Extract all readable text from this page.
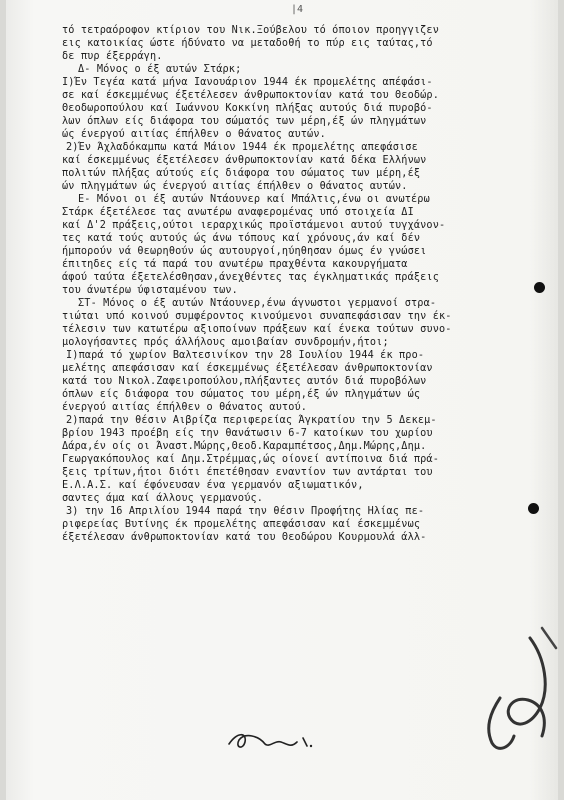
|4
τό τετραόροφον κτίριον του Νικ.Ξούβελου τό όποιον προηγγιζεν
εις κατοικίας ώστε ήδύνατο να μεταδοθή το πύρ εις ταύτας,τό
δε πυρ έξερράγη.
Δ- Μόνος ο έξ αυτών Στάρκ;
I)Έν Τεγέα κατά μήνα Ιανουάριον 1944 έκ προμελέτης απέφάσι-
σε καί έσκεμμένως έξετέλεσεν άνθρωποκτονίαν κατά του Θεοδώρ.
Θεοδωροπούλου καί Ιωάννου Κοκκίνη πλήξας αυτούς διά πυροβό-
λων όπλων είς διάφορα του σώματός των μέρη,έξ ών πληγμάτων
ώς ένεργού αιτίας έπήλθεν ο θάνατος αυτών.
2)Έν Άχλαδόκαμπω κατά Μάιον 1944 έκ προμελέτης απεφάσισε
καί έσκεμμένως έξετέλεσεν άνθρωποκτονίαν κατά δέκα Ελλήνων
πολιτών πλήξας αύτούς είς διάφορα του σώματος των μέρη,έξ
ών πληγμάτων ώς ένεργού αιτίας έπήλθεν ο θάνατος αυτών.
Ε- Μόνοι οι έξ αυτών Ντάουνερ καί Μπάλτις,ένω οι ανωτέρω
Στάρκ έξετέλεσε τας ανωτέρω αναφερομένας υπό στοιχεία ΔΙ
καί Δ'2 πράξεις,ούτοι ιεραρχικώς προϊστάμενοι αυτού τυγχάνον-
τες κατά τούς αυτούς ώς άνω τόπους καί χρόνους,άν καί δέν
ήμπορούν νά θεωρηθούν ώς αυτουργοί,ηύηθησαν όμως έν γνώσει
έπιτηδες είς τά παρά του ανωτέρω πραχθέντα κακουργήματα
άφού ταύτα έξετελέσθησαν,άνεχθέντες τας έγκληματικάς πράξεις
του άνωτέρω ύφισταμένου των.
ΣΤ- Μόνος ο έξ αυτών Ντάουνερ,ένω άγνωστοι γερμανοί στρα-
τιώται υπό κοινού συμφέροντος κινούμενοι συναπεφάσισαν την έκ-
τέλεσιν των κατωτέρω αξιοποίνων πράξεων καί ένεκα τούτων συνο-
μολογήσαντες πρός άλλήλους αμοιβαίαν συνδρομήν,ήτοι;
I)παρά τό χωρίον Βαλτεσινίκον την 28 Ιουλίου 1944 έκ προ-
μελέτης απεφάσισαν καί έσκεμμένως έξετέλεσαν άνθρωποκτονίαν
κατά του Νικολ.Ζαφειροπούλου,πλήξαντες αυτόν διά πυροβόλων
όπλων είς διάφορα του σώματος του μέρη,έξ ών πληγμάτων ώς
ένεργού αιτίας έπήλθεν ο θάνατος αυτού.
2)παρά την θέσιν Αιβρίζα περιφερείας Άγκρατίου την 5 Δεκεμ-
βρίου 1943 προέβη είς την θανάτωσιν 6-7 κατοίκων του χωρίου
Δάρα,έν οίς οι Άναστ.Μώρης,Θεοδ.Καραμπέτσος,Δημ.Μώρης,Δημ.
Γεωργακόπουλος καί Δημ.Στρέμμας,ώς οίονεί αντίποινα διά πρά-
ξεις τρίτων,ήτοι διότι έπετέθησαν εναντίον των αντάρται του
Ε.Λ.Α.Σ. καί έφόνευσαν ένα γερμανόν αξιωματικόν,
σαντες άμα καί άλλους γερμανούς.
3) την 16 Απριλίου 1944 παρά την θέσιν Προφήτης Ηλίας πε-
ριφερείας Βυτίνης έκ προμελέτης απεφάσισαν καί έσκεμμένως
έξετέλεσαν άνθρωποκτονίαν κατά του Θεοδώρου Κουρμουλά άλλ-
